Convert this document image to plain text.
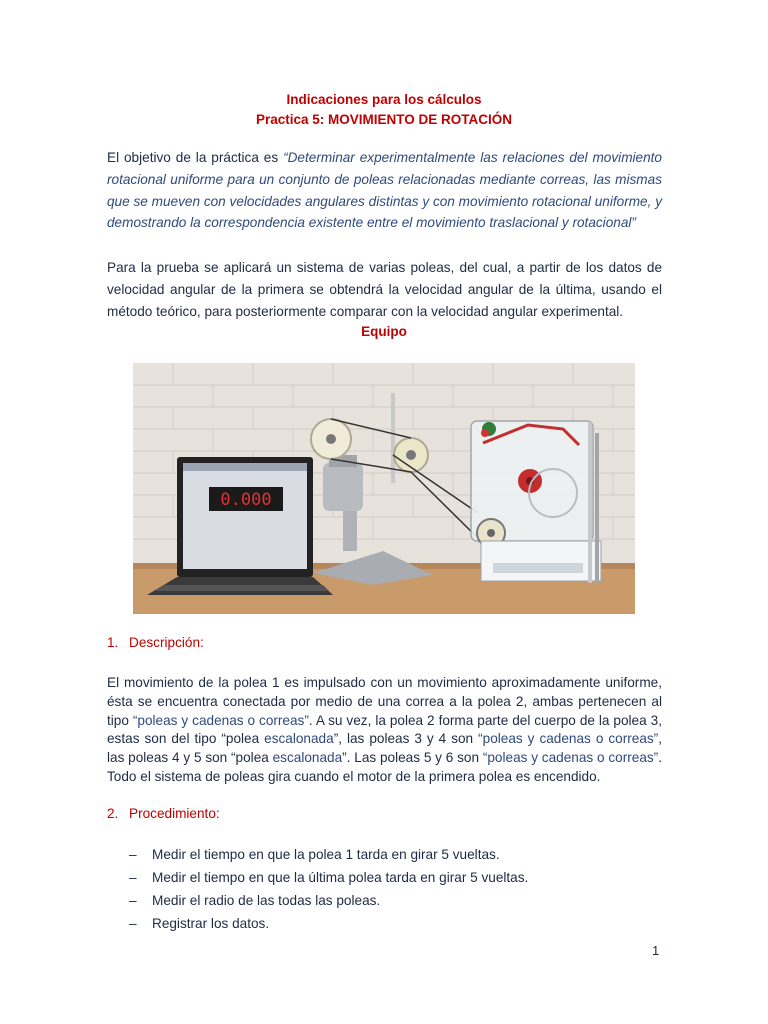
Indicaciones para los cálculos
Practica 5: MOVIMIENTO DE ROTACIÓN
El objetivo de la práctica es “Determinar experimentalmente las relaciones del movimiento rotacional uniforme para un conjunto de poleas relacionadas mediante correas, las mismas que se mueven con velocidades angulares distintas y con movimiento rotacional uniforme, y demostrando la correspondencia existente entre el movimiento traslacional y rotacional”
Para la prueba se aplicará un sistema de varias poleas, del cual, a partir de los datos de velocidad angular de la primera se obtendrá la velocidad angular de la última, usando el método teórico, para posteriormente comparar con la velocidad angular experimental.
Equipo
0.000
1. Descripción:
El movimiento de la polea 1 es impulsado con un movimiento aproximadamente uniforme, ésta se encuentra conectada por medio de una correa a la polea 2, ambas pertenecen al tipo “poleas y cadenas o correas”. A su vez, la polea 2 forma parte del cuerpo de la polea 3, estas son del tipo “polea escalonada”, las poleas 3 y 4 son “poleas y cadenas o correas”, las poleas 4 y 5 son “polea escalonada”. Las poleas 5 y 6 son “poleas y cadenas o correas”. Todo el sistema de poleas gira cuando el motor de la primera polea es encendido.
2. Procedimiento:
– Medir el tiempo en que la polea 1 tarda en girar 5 vueltas.
– Medir el tiempo en que la última polea tarda en girar 5 vueltas.
– Medir el radio de las todas las poleas.
– Registrar los datos.
1
